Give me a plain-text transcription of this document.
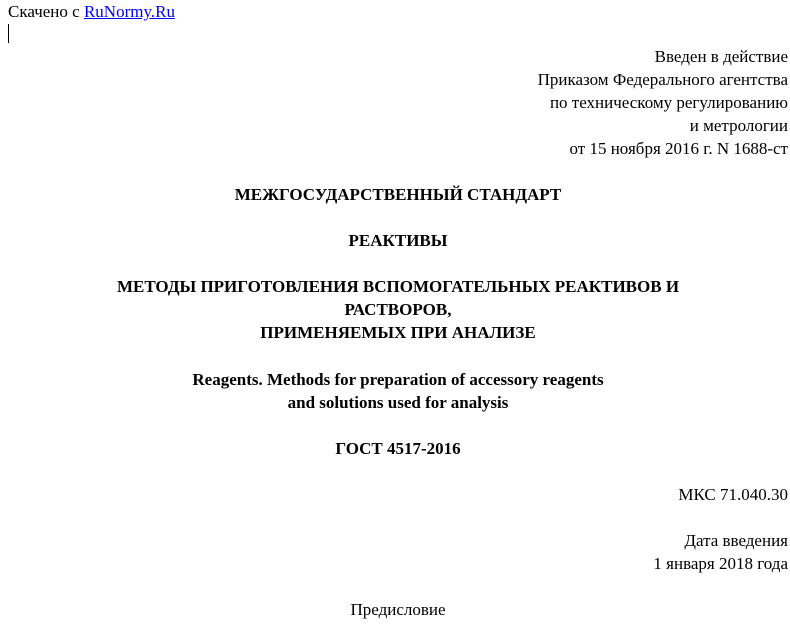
Скачено с RuNormy.Ru
Введен в действие
Приказом Федерального агентства
по техническому регулированию
и метрологии
от 15 ноября 2016 г. N 1688-ст
МЕЖГОСУДАРСТВЕННЫЙ СТАНДАРТ
РЕАКТИВЫ
МЕТОДЫ ПРИГОТОВЛЕНИЯ ВСПОМОГАТЕЛЬНЫХ РЕАКТИВОВ И
РАСТВОРОВ,
ПРИМЕНЯЕМЫХ ПРИ АНАЛИЗЕ
Reagents. Methods for preparation of accessory reagents
and solutions used for analysis
ГОСТ 4517-2016
МКС 71.040.30
Дата введения
1 января 2018 года
Предисловие
